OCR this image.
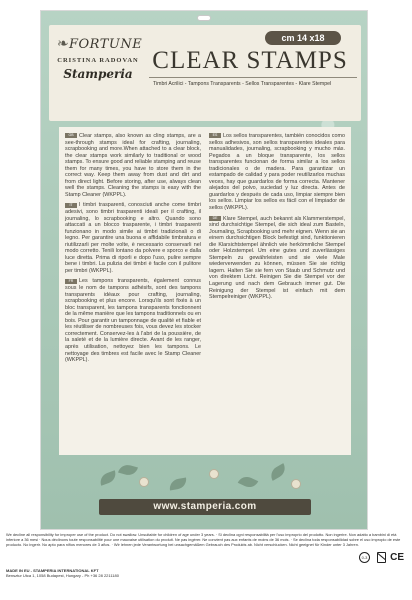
❧ FORTUNE
CRISTINA RADOVAN
Stamperia
cm 14 x18
CLEAR STAMPS
Timbri Acrilici - Tampons Transparents - Sellos Transparentes - Klare Stempel

GB Clear stamps, also known as cling stamps, are a see-through stamps ideal for crafting, journaling, scrapbooking and more.When attached to a clear block, the clear stamps work similarly to traditional or wood stamps. To ensure good and reliable stamping and reuse them for many times, you have to store them in the correct way. Keep them away from dust and dirt and from direct light. Before storing, after use, always clean well the stamps. Cleaning the stamps is easy with the Stamp Cleaner (WKPPL).

IT I timbri trasparenti, conosciuti anche come timbri adesivi, sono timbri trasparenti ideali per il crafting, il journaling, lo scrapbooking e altro. Quando sono attaccati a un blocco trasparente, i timbri trasparenti funzionano in modo simile ai timbri tradizionali o di legno. Per garantire una buona e affidabile timbratura e riutilizzarli per molte volte, è necessario conservarli nel modo corretto. Tenili lontano da polvere e sporco e dalla luce diretta. Prima di riporli e dopo l'uso, pulire sempre bene i timbri. La pulizia dei timbri è facile con il pulitore per timbri (WKPPL).

FR Les tampons transparents, également connus sous le nom de tampons adhésifs, sont des tampons transparents idéaux pour crafting, journaling, scrapbooking et plus encore. Lorsqu'ils sont fixés à un bloc transparent, les tampons transparents fonctionnent de la même manière que les tampons traditionnels ou en bois. Pour garantir un tamponnage de qualité et fiable et les réutiliser de nombreuses fois, vous devez les stocker correctement. Conservez-les à l'abri de la poussière, de la saleté et de la lumière directe. Avant de les ranger, après utilisation, nettoyez bien les tampons. Le nettoyage des timbres est facile avec le Stamp Cleaner (WKPPL).

ES Los sellos transparentes, también conocidos como sellos adhesivos, son sellos transparentes ideales para manualidades, journaling, scrapbooking y mucho más. Pegados a un bloque transparente, los sellos transparentes funcionan de forma similar a los sellos tradicionales o de madera. Para garantizar un estampado de calidad y para poder reutilizarlos muchas veces, hay que guardarlos de forma correcta. Mantener alejados del polvo, suciedad y luz directa. Antes de guardarlos y después de cada uso, limpiar siempre bien los sellos. Limpiar los sellos es fácil con el limpiador de sellos (WKPPL).

DE Klare Stempel, auch bekannt als Klammerstempel, sind durchsichtige Stempel, die sich ideal zum Basteln, Journaling, Scrapbooking und mehr eignen. Wenn sie an einem durchsichtigen Block befestigt sind, funktionieren die Klarsichtstempel ähnlich wie herkömmliche Stempel oder Holzstempel. Um eine gutes und zuverlässiges Stempeln zu gewährleisten und sie viele Male wiederverwenden zu können, müssen Sie sie richtig lagern. Halten Sie sie fern von Staub und Schmutz und von direktem Licht. Reinigen Sie die Stempel vor der Lagerung und nach dem Gebrauch immer gut. Die Reinigung der Stempel ist einfach mit dem Stempelreiniger (WKPPL).

www.stamperia.com
We decline all responsibility for improper use of the product. Do not swallow. Unsuitable for children of age under 3 years. · Si declina ogni responsabilità per l'uso improprio del prodotto. Non ingerire. Non adatto a bambini di età inferiore a 36 mesi · Nous déclinons toute responsabilité pour une mauvaise utilisation du produit. Ne pas ingérer. Ne convient pas aux enfants de moins de 36 mois. · Se declina toda responsabilidad sobre el uso impropio de este producto. No ingerir. No apto para niños menores de 3 años. · Wir lehnen jede Verantwortung bei unsachgemäßem Gebrauch des Produkts ab. Nicht verschlucken. Nicht geeignet für Kinder unter 3 Jahren.
0-3 CE
MADE IN EU - STAMPERIA INTERNATIONAL KFT
Bensztur Utca 1, 1058 Budapest, Hungary - Ph +36 28 2211180
